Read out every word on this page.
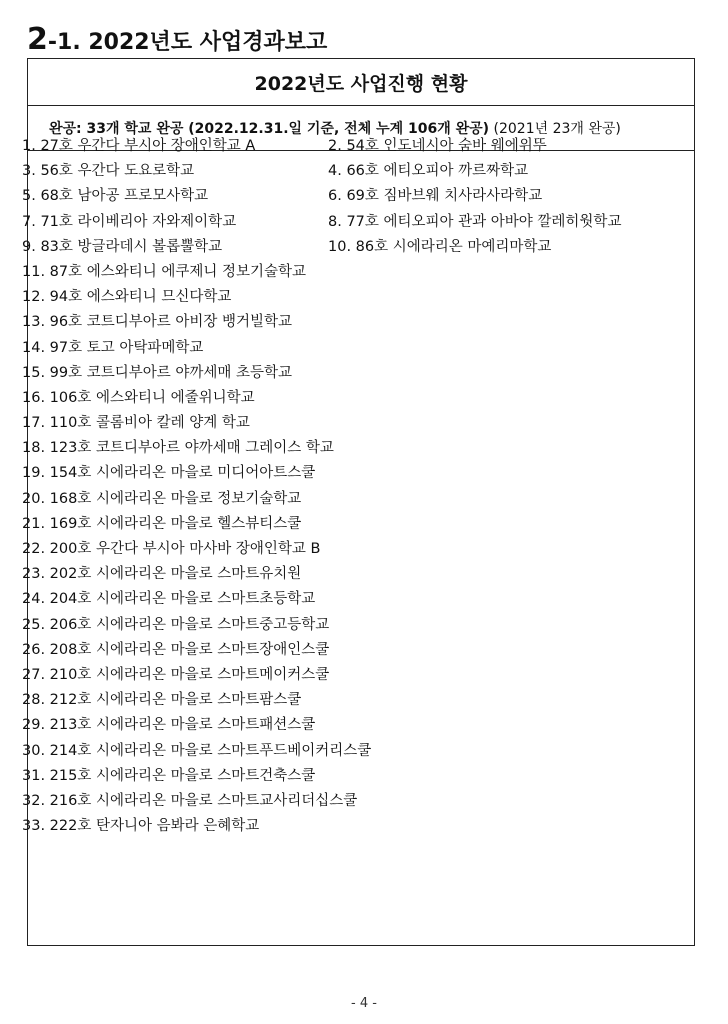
2-1. 2022년도 사업경과보고
2022년도 사업진행 현황
완공: 33개 학교 완공 (2022.12.31.일 기준, 전체 누계 106개 완공)
(2021년 23개 완공)
1. 27호 우간다 부시아 장애인학교 A	2. 54호 인도네시아 숨바 웨에위뚜
3. 56호 우간다 도요로학교	4. 66호 에티오피아 까르짜학교
5. 68호 남아공 프로모사학교	6. 69호 짐바브웨 치사라사라학교
7. 71호 라이베리아 자와제이학교	8. 77호 에티오피아 관과 아바야 깔레히웟학교
9. 83호 방글라데시 볼롭뿔학교	10. 86호 시에라리온 마예리마학교
11. 87호 에스와티니 에쿠제니 정보기술학교
12. 94호 에스와티니 므신다학교
13. 96호 코트디부아르 아비장 뱅거빌학교
14. 97호 토고 아탁파메학교
15. 99호 코트디부아르 야까세매 초등학교
16. 106호 에스와티니 에줄위니학교
17. 110호 콜롬비아 칼레 양계 학교
18. 123호 코트디부아르 야까세매 그레이스 학교
19. 154호 시에라리온 마을로 미디어아트스쿨
20. 168호 시에라리온 마을로 정보기술학교
21. 169호 시에라리온 마을로 헬스뷰티스쿨
22. 200호 우간다 부시아 마사바 장애인학교 B
23. 202호 시에라리온 마을로 스마트유치원
24. 204호 시에라리온 마을로 스마트초등학교
25. 206호 시에라리온 마을로 스마트중고등학교
26. 208호 시에라리온 마을로 스마트장애인스쿨
27. 210호 시에라리온 마을로 스마트메이커스쿨
28. 212호 시에라리온 마을로 스마트팜스쿨
29. 213호 시에라리온 마을로 스마트패션스쿨
30. 214호 시에라리온 마을로 스마트푸드베이커리스쿨
31. 215호 시에라리온 마을로 스마트건축스쿨
32. 216호 시에라리온 마을로 스마트교사리더십스쿨
33. 222호 탄자니아 음봐라 은혜학교
- 4 -
